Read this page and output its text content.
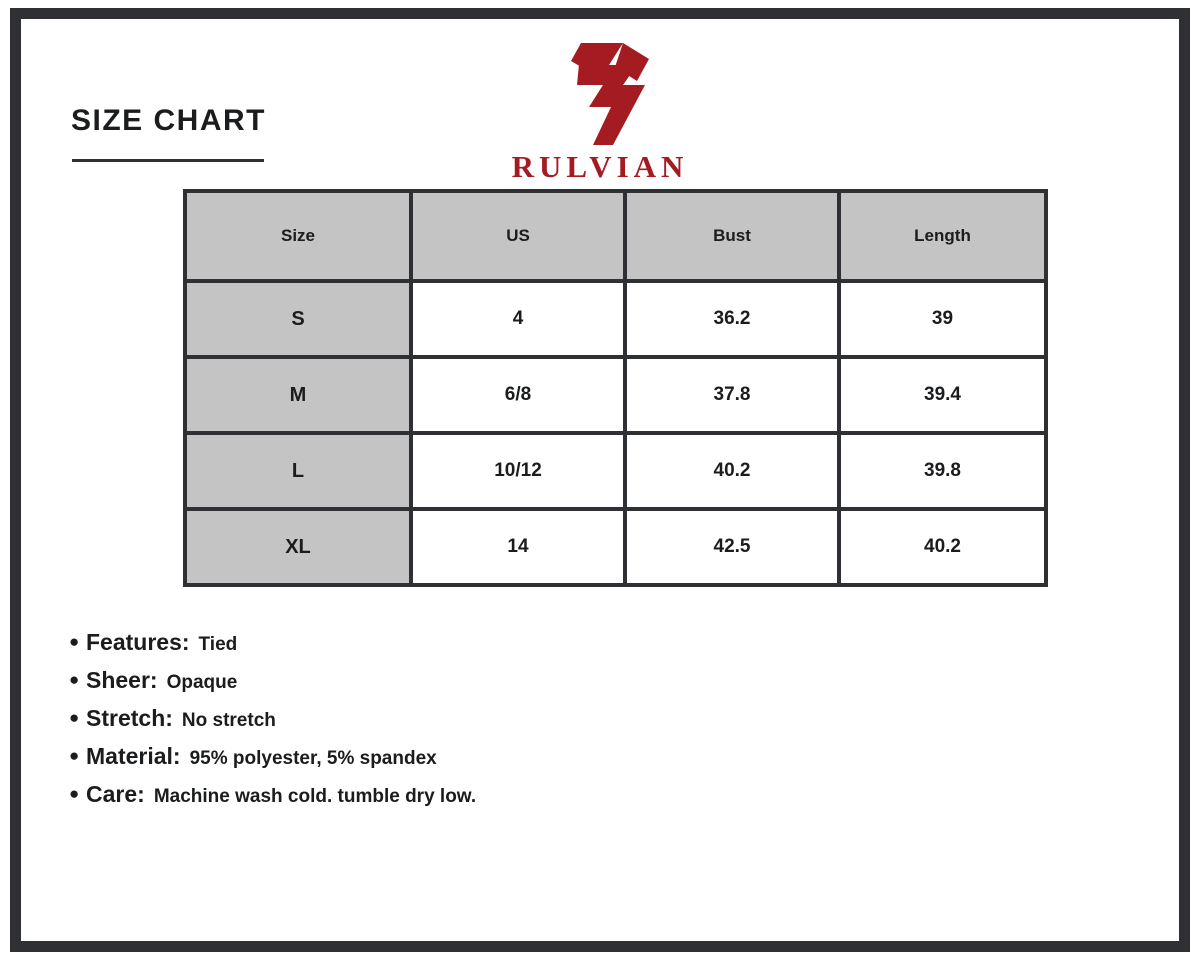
SIZE CHART
RULVIAN
Size	US	Bust	Length
S	4	36.2	39
M	6/8	37.8	39.4
L	10/12	40.2	39.8
XL	14	42.5	40.2
● Features: Tied
● Sheer: Opaque
● Stretch: No stretch
● Material: 95% polyester, 5% spandex
● Care: Machine wash cold. tumble dry low.
